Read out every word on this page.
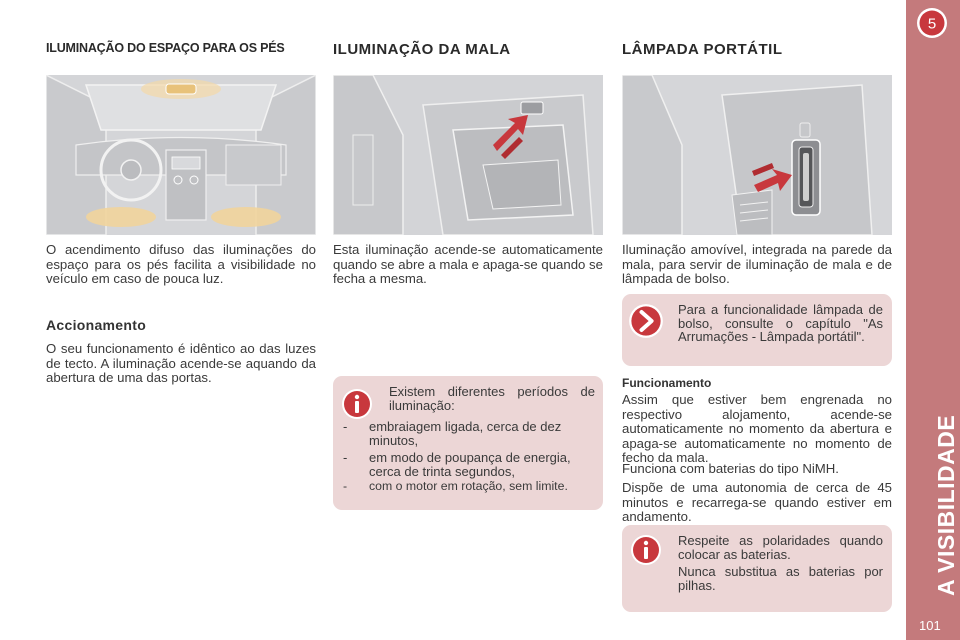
5
A VISIBILIDADE
101
ILUMINAÇÃO DO ESPAÇO PARA OS PÉS	ILUMINAÇÃO DA MALA	LÂMPADA PORTÁTIL

O acendimento difuso das iluminações do espaço para os pés facilita a visibilidade no veículo em caso de pouca luz.

Accionamento

O seu funcionamento é idêntico ao das luzes de tecto. A iluminação acende-se aquando da abertura de uma das portas.

Esta iluminação acende-se automaticamente quando se abre a mala e apaga-se quando se fecha a mesma.

Existem diferentes períodos de iluminação:
- embraiagem ligada, cerca de dez minutos,
- em modo de poupança de energia, cerca de trinta segundos,
- com o motor em rotação, sem limite.

Iluminação amovível, integrada na parede da mala, para servir de iluminação de mala e de lâmpada de bolso.

Para a funcionalidade lâmpada de bolso, consulte o capítulo "As Arrumações - Lâmpada portátil".
Funcionamento

Assim que estiver bem engrenada no respectivo alojamento, acende-se automaticamente no momento da abertura e apaga-se automaticamente no momento de fecho da mala.

Funciona com baterias do tipo NiMH.

Dispõe de uma autonomia de cerca de 45 minutos e recarrega-se quando estiver em andamento.

Respeite as polaridades quando colocar as baterias.
Nunca substitua as baterias por pilhas.
